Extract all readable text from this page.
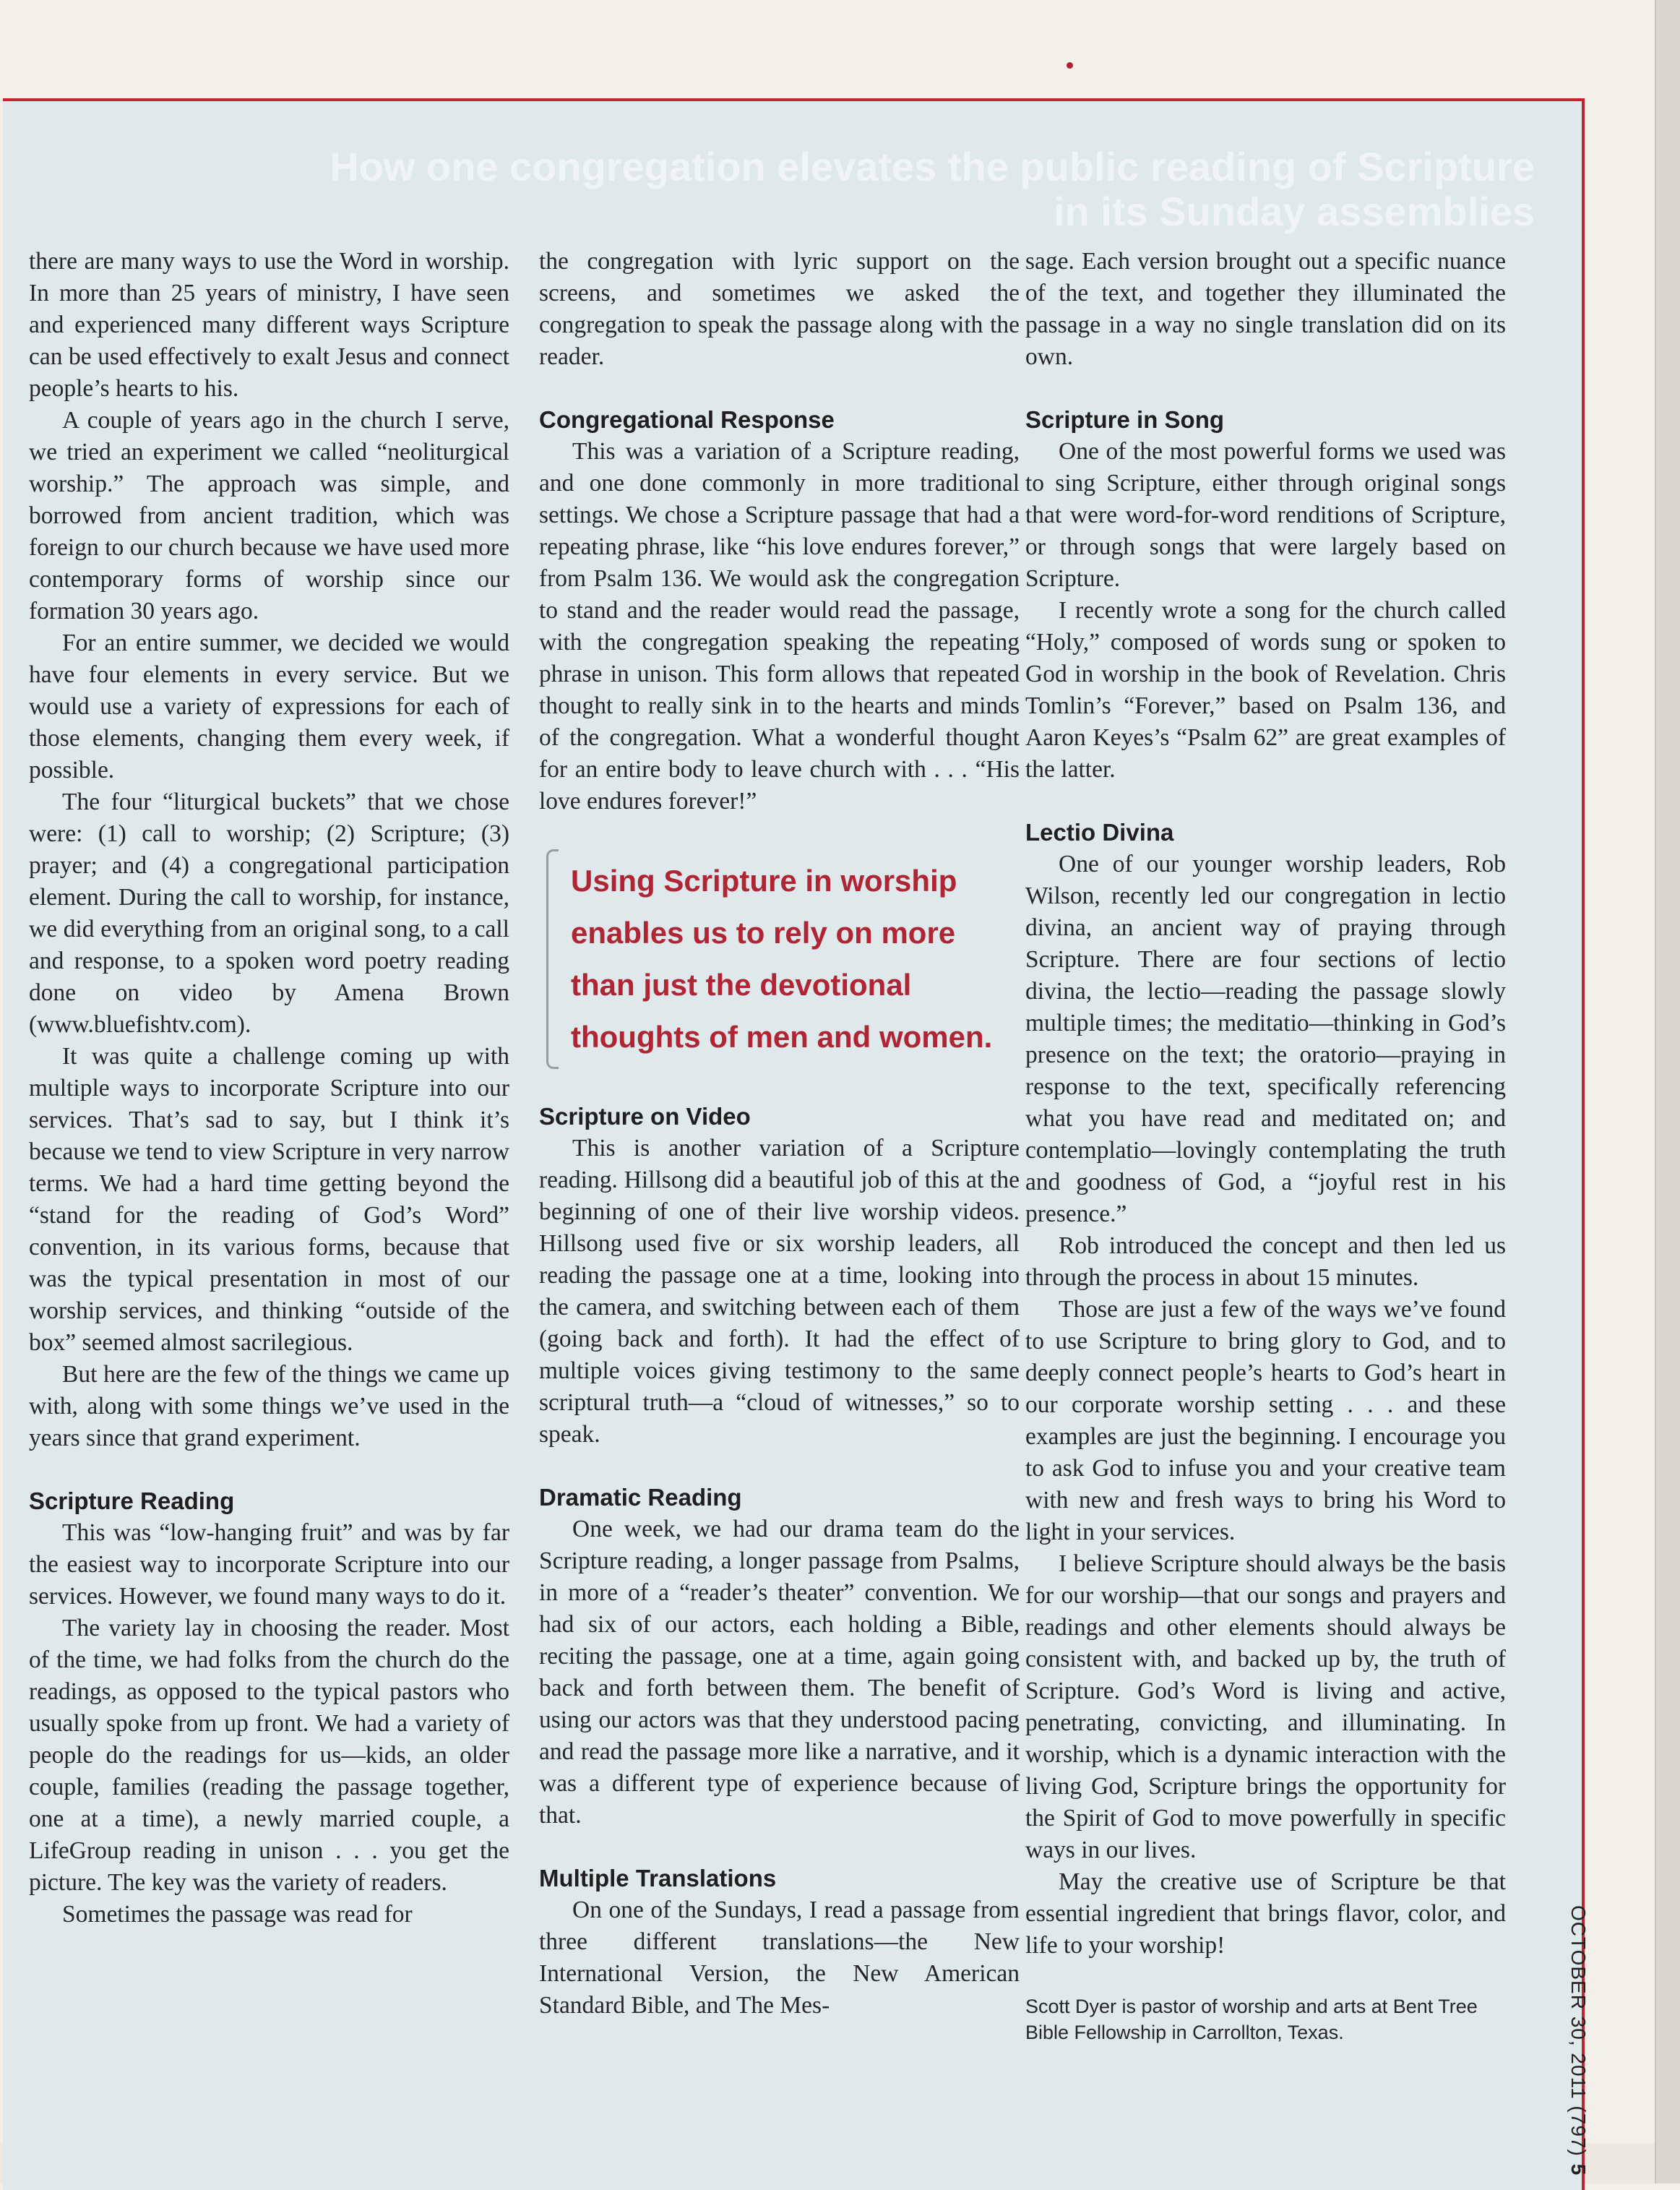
How one congregation elevates the public reading of Scripture
in its Sunday assemblies

there are many ways to use the Word in worship. In more than 25 years of ministry, I have seen and experienced many different ways Scripture can be used effectively to exalt Jesus and connect people’s hearts to his.

A couple of years ago in the church I serve, we tried an experiment we called “neoliturgical worship.” The approach was simple, and borrowed from ancient tradition, which was foreign to our church because we have used more contemporary forms of worship since our formation 30 years ago.

For an entire summer, we decided we would have four elements in every service. But we would use a variety of expressions for each of those elements, changing them every week, if possible.

The four “liturgical buckets” that we chose were: (1) call to worship; (2) Scripture; (3) prayer; and (4) a congregational participation element. During the call to worship, for instance, we did everything from an original song, to a call and response, to a spoken word poetry reading done on video by Amena Brown (www.bluefishtv.com).

It was quite a challenge coming up with multiple ways to incorporate Scripture into our services. That’s sad to say, but I think it’s because we tend to view Scripture in very narrow terms. We had a hard time getting beyond the “stand for the reading of God’s Word” convention, in its various forms, because that was the typical presentation in most of our worship services, and thinking “outside of the box” seemed almost sacrilegious.

But here are the few of the things we came up with, along with some things we’ve used in the years since that grand experiment.

Scripture Reading

This was “low-hanging fruit” and was by far the easiest way to incorporate Scripture into our services. However, we found many ways to do it.

The variety lay in choosing the reader. Most of the time, we had folks from the church do the readings, as opposed to the typical pastors who usually spoke from up front. We had a variety of people do the readings for us—kids, an older couple, families (reading the passage together, one at a time), a newly married couple, a LifeGroup reading in unison . . . you get the picture. The key was the variety of readers.

Sometimes the passage was read for

the congregation with lyric support on the screens, and sometimes we asked the congregation to speak the passage along with the reader.

Congregational Response

This was a variation of a Scripture reading, and one done commonly in more traditional settings. We chose a Scripture passage that had a repeating phrase, like “his love endures forever,” from Psalm 136. We would ask the congregation to stand and the reader would read the passage, with the congregation speaking the repeating phrase in unison. This form allows that repeated thought to really sink in to the hearts and minds of the congregation. What a wonderful thought for an entire body to leave church with . . . “His love endures forever!”

Using Scripture in worship enables us to rely on more than just the devotional thoughts of men and women.
Scripture on Video

This is another variation of a Scripture reading. Hillsong did a beautiful job of this at the beginning of one of their live worship videos. Hillsong used five or six worship leaders, all reading the passage one at a time, looking into the camera, and switching between each of them (going back and forth). It had the effect of multiple voices giving testimony to the same scriptural truth—a “cloud of witnesses,” so to speak.

Dramatic Reading

One week, we had our drama team do the Scripture reading, a longer passage from Psalms, in more of a “reader’s theater” convention. We had six of our actors, each holding a Bible, reciting the passage, one at a time, again going back and forth between them. The benefit of using our actors was that they understood pacing and read the passage more like a narrative, and it was a different type of experience because of that.

Multiple Translations

On one of the Sundays, I read a passage from three different translations—the New International Version, the New American Standard Bible, and The Mes-

sage. Each version brought out a specific nuance of the text, and together they illuminated the passage in a way no single translation did on its own.

Scripture in Song

One of the most powerful forms we used was to sing Scripture, either through original songs that were word-for-word renditions of Scripture, or through songs that were largely based on Scripture.

I recently wrote a song for the church called “Holy,” composed of words sung or spoken to God in worship in the book of Revelation. Chris Tomlin’s “Forever,” based on Psalm 136, and Aaron Keyes’s “Psalm 62” are great examples of the latter.

Lectio Divina

One of our younger worship leaders, Rob Wilson, recently led our congregation in lectio divina, an ancient way of praying through Scripture. There are four sections of lectio divina, the lectio—reading the passage slowly multiple times; the meditatio—thinking in God’s presence on the text; the oratorio—praying in response to the text, specifically referencing what you have read and meditated on; and contemplatio—lovingly contemplating the truth and goodness of God, a “joyful rest in his presence.”

Rob introduced the concept and then led us through the process in about 15 minutes.

Those are just a few of the ways we’ve found to use Scripture to bring glory to God, and to deeply connect people’s hearts to God’s heart in our corporate worship setting . . . and these examples are just the beginning. I encourage you to ask God to infuse you and your creative team with new and fresh ways to bring his Word to light in your services.

I believe Scripture should always be the basis for our worship—that our songs and prayers and readings and other elements should always be consistent with, and backed up by, the truth of Scripture. God’s Word is living and active, penetrating, convicting, and illuminating. In worship, which is a dynamic interaction with the living God, Scripture brings the opportunity for the Spirit of God to move powerfully in specific ways in our lives.

May the creative use of Scripture be that essential ingredient that brings flavor, color, and life to your worship!

Scott Dyer is pastor of worship and arts at Bent Tree Bible Fellowship in Carrollton, Texas.	OCTOBER 30, 2011 (797)5
